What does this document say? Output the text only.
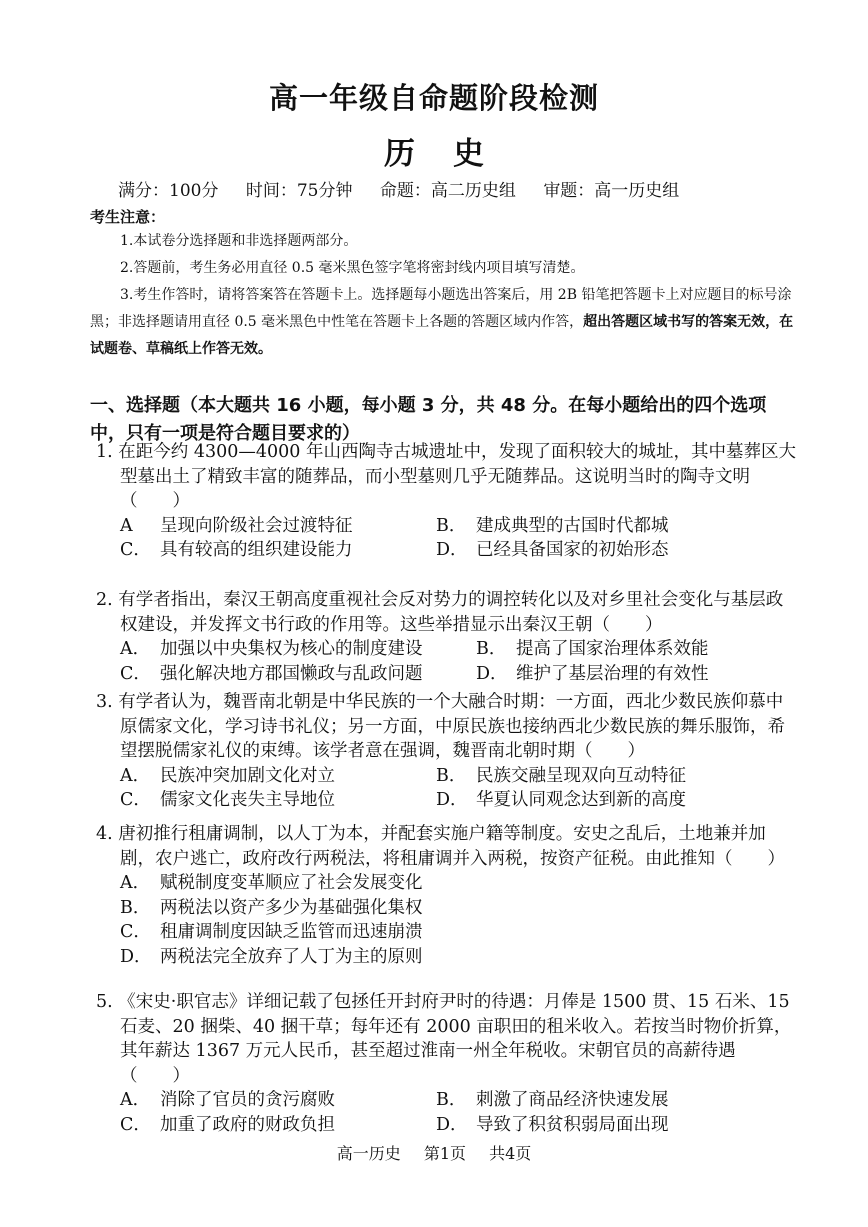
高一年级自命题阶段检测
历史
满分：100分 时间：75分钟 命题：高二历史组 审题：高一历史组
考生注意：
1.本试卷分选择题和非选择题两部分。
2.答题前，考生务必用直径 0.5 毫米黑色签字笔将密封线内项目填写清楚。
3.考生作答时，请将答案答在答题卡上。选择题每小题选出答案后，用 2B 铅笔把答题卡上对应题目的标号涂黑；非选择题请用直径 0.5 毫米黑色中性笔在答题卡上各题的答题区域内作答，超出答题区域书写的答案无效，在试题卷、草稿纸上作答无效。
一、选择题（本大题共 16 小题，每小题 3 分，共 48 分。在每小题给出的四个选项中，只有一项是符合题目要求的）
1. 在距今约 4300—4000 年山西陶寺古城遗址中，发现了面积较大的城址，其中墓葬区大型墓出土了精致丰富的随葬品，而小型墓则几乎无随葬品。这说明当时的陶寺文明（　　）
A	呈现向阶级社会过渡特征	B． 建成典型的古国时代都城
C． 具有较高的组织建设能力	D． 已经具备国家的初始形态
2. 有学者指出，秦汉王朝高度重视社会反对势力的调控转化以及对乡里社会变化与基层政权建设，并发挥文书行政的作用等。这些举措显示出秦汉王朝（　　）
A． 加强以中央集权为核心的制度建设	B． 提高了国家治理体系效能
C． 强化解决地方郡国懒政与乱政问题	D． 维护了基层治理的有效性
3. 有学者认为，魏晋南北朝是中华民族的一个大融合时期：一方面，西北少数民族仰慕中原儒家文化，学习诗书礼仪；另一方面，中原民族也接纳西北少数民族的舞乐服饰，希望摆脱儒家礼仪的束缚。该学者意在强调，魏晋南北朝时期（　　）
A． 民族冲突加剧文化对立	B． 民族交融呈现双向互动特征
C． 儒家文化丧失主导地位	D． 华夏认同观念达到新的高度
4. 唐初推行租庸调制，以人丁为本，并配套实施户籍等制度。安史之乱后，土地兼并加剧，农户逃亡，政府改行两税法，将租庸调并入两税，按资产征税。由此推知（　　）
A． 赋税制度变革顺应了社会发展变化
B． 两税法以资产多少为基础强化集权
C． 租庸调制度因缺乏监管而迅速崩溃
D． 两税法完全放弃了人丁为主的原则
5. 《宋史·职官志》详细记载了包拯任开封府尹时的待遇：月俸是 1500 贯、15 石米、15 石麦、20 捆柴、40 捆干草；每年还有 2000 亩职田的租米收入。若按当时物价折算，其年薪达 1367 万元人民币，甚至超过淮南一州全年税收。宋朝官员的高薪待遇（　　）
A． 消除了官员的贪污腐败	B． 刺激了商品经济快速发展
C． 加重了政府的财政负担	D． 导致了积贫积弱局面出现
高一历史 第1页 共4页
